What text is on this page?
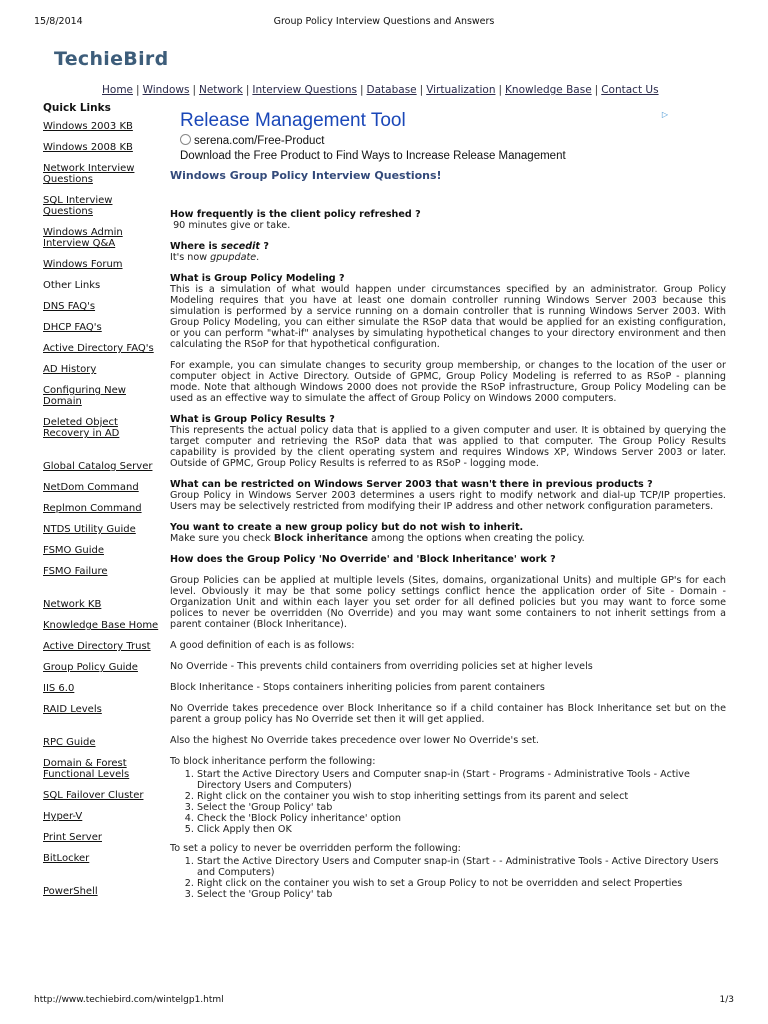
15/8/2014	Group Policy Interview Questions and Answers
TechieBird
Home | Windows | Network | Interview Questions | Database | Virtualization | Knowledge Base | Contact Us
Quick Links
Windows 2003 KB
Windows 2008 KB
Network Interview Questions
SQL Interview Questions
Windows Admin Interview Q&A
Windows Forum
Other Links
DNS FAQ's
DHCP FAQ's
Active Directory FAQ's
AD History
Configuring New Domain
Deleted Object Recovery in AD
Global Catalog Server
NetDom Command
Replmon Command
NTDS Utility Guide
FSMO Guide
FSMO Failure
Network KB
Knowledge Base Home
Active Directory Trust
Group Policy Guide
IIS 6.0
RAID Levels
RPC Guide
Domain & Forest Functional Levels
SQL Failover Cluster
Hyper-V
Print Server
BitLocker
PowerShell
▷
Release Management Tool
serena.com/Free-Product
Download the Free Product to Find Ways to Increase Release Management
Windows Group Policy Interview Questions!

How frequently is the client policy refreshed ?

90 minutes give or take.

Where is secedit ?

It's now gpupdate.

What is Group Policy Modeling ?

This is a simulation of what would happen under circumstances specified by an administrator. Group Policy Modeling requires that you have at least one domain controller running Windows Server 2003 because this simulation is performed by a service running on a domain controller that is running Windows Server 2003. With Group Policy Modeling, you can either simulate the RSoP data that would be applied for an existing configuration, or you can perform "what-if" analyses by simulating hypothetical changes to your directory environment and then calculating the RSoP for that hypothetical configuration.

For example, you can simulate changes to security group membership, or changes to the location of the user or computer object in Active Directory. Outside of GPMC, Group Policy Modeling is referred to as RSoP - planning mode. Note that although Windows 2000 does not provide the RSoP infrastructure, Group Policy Modeling can be used as an effective way to simulate the affect of Group Policy on Windows 2000 computers.

What is Group Policy Results ?

This represents the actual policy data that is applied to a given computer and user. It is obtained by querying the target computer and retrieving the RSoP data that was applied to that computer. The Group Policy Results capability is provided by the client operating system and requires Windows XP, Windows Server 2003 or later. Outside of GPMC, Group Policy Results is referred to as RSoP - logging mode.

What can be restricted on Windows Server 2003 that wasn't there in previous products ?

Group Policy in Windows Server 2003 determines a users right to modify network and dial-up TCP/IP properties. Users may be selectively restricted from modifying their IP address and other network configuration parameters.

You want to create a new group policy but do not wish to inherit.

Make sure you check Block inheritance among the options when creating the policy.

How does the Group Policy 'No Override' and 'Block Inheritance' work ?

Group Policies can be applied at multiple levels (Sites, domains, organizational Units) and multiple GP's for each level. Obviously it may be that some policy settings conflict hence the application order of Site - Domain - Organization Unit and within each layer you set order for all defined policies but you may want to force some polices to never be overridden (No Override) and you may want some containers to not inherit settings from a parent container (Block Inheritance).

A good definition of each is as follows:

No Override - This prevents child containers from overriding policies set at higher levels

Block Inheritance - Stops containers inheriting policies from parent containers

No Override takes precedence over Block Inheritance so if a child container has Block Inheritance set but on the parent a group policy has No Override set then it will get applied.

Also the highest No Override takes precedence over lower No Override's set.

To block inheritance perform the following:

1. Start the Active Directory Users and Computer snap-in (Start - Programs - Administrative Tools - Active Directory Users and Computers)
2. Right click on the container you wish to stop inheriting settings from its parent and select
3. Select the 'Group Policy' tab
4. Check the 'Block Policy inheritance' option
5. Click Apply then OK

To set a policy to never be overridden perform the following:

1. Start the Active Directory Users and Computer snap-in (Start - - Administrative Tools - Active Directory Users and Computers)
2. Right click on the container you wish to set a Group Policy to not be overridden and select Properties
3. Select the 'Group Policy' tab
http://www.techiebird.com/wintelgp1.html	1/3
